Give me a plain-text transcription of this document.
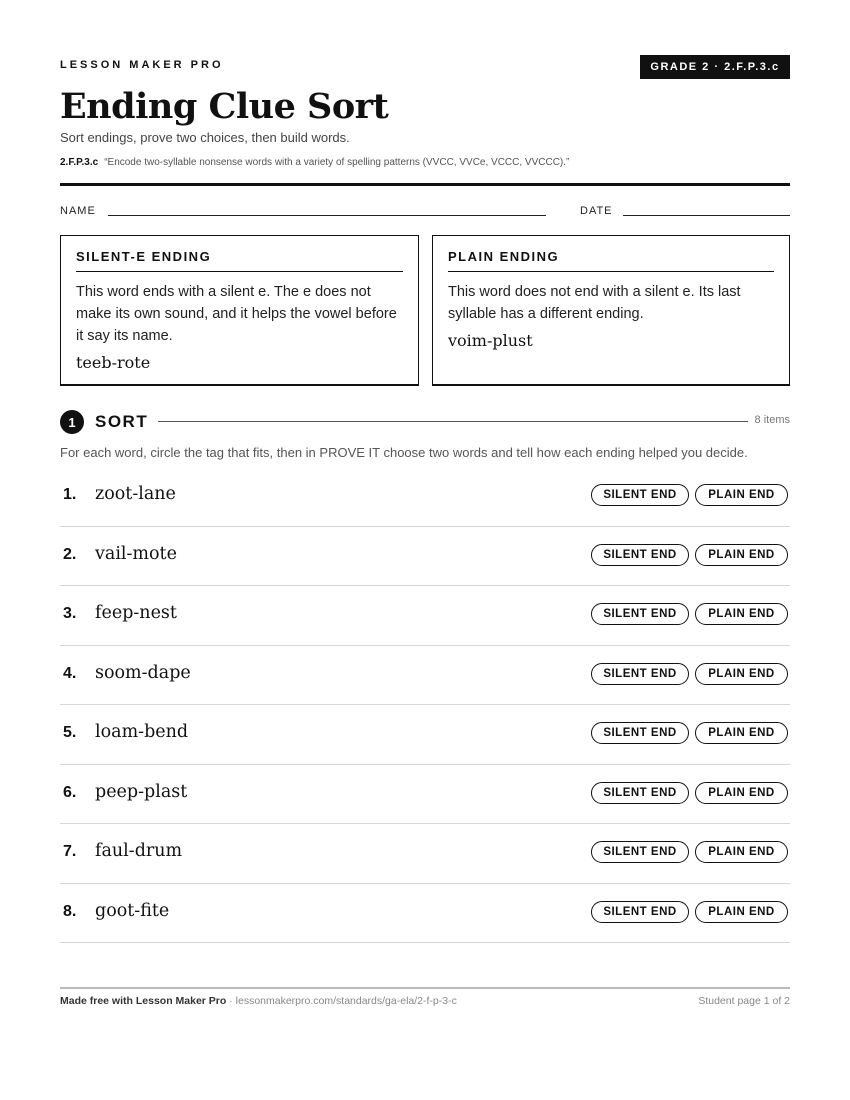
LESSON MAKER PRO	GRADE 2 · 2.F.P.3.c
Ending Clue Sort
Sort endings, prove two choices, then build words.
2.F.P.3.c “Encode two-syllable nonsense words with a variety of spelling patterns (VVCC, VVCe, VCCC, VVCCC).”
NAME	DATE
SILENT-E ENDING
This word ends with a silent e. The e does not make its own sound, and it helps the vowel before it say its name.
teeb-rote
PLAIN ENDING
This word does not end with a silent e. Its last syllable has a different ending.
voim-plust
1	SORT	8 items
For each word, circle the tag that fits, then in PROVE IT choose two words and tell how each ending helped you decide.
1. zoot-lane	SILENT END	PLAIN END
2. vail-mote	SILENT END	PLAIN END
3. feep-nest	SILENT END	PLAIN END
4. soom-dape	SILENT END	PLAIN END
5. loam-bend	SILENT END	PLAIN END
6. peep-plast	SILENT END	PLAIN END
7. faul-drum	SILENT END	PLAIN END
8. goot-fite	SILENT END	PLAIN END
Made free with Lesson Maker Pro · lessonmakerpro.com/standards/ga-ela/2-f-p-3-c	Student page 1 of 2
